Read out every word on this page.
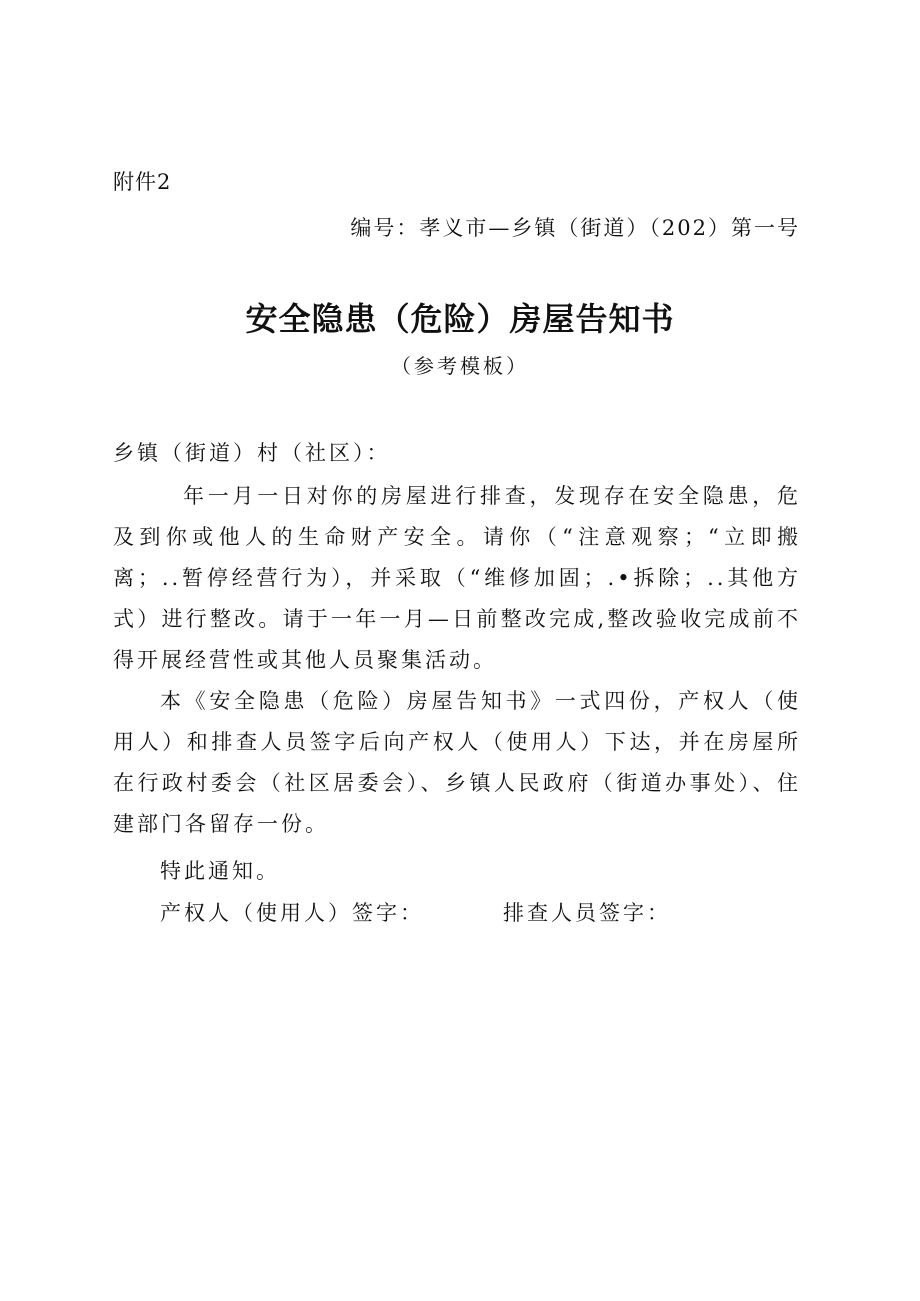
附件2
编号：孝义市—乡镇（街道）（202）第一号
安全隐患（危险）房屋告知书
（参考模板）
乡镇（街道）村（社区）：
年一月一日对你的房屋进行排查，发现存在安全隐患，危及到你或他人的生命财产安全。请你（“注意观察；“立即搬离；..暂停经营行为），并采取（“维修加固；.•拆除；..其他方式）进行整改。请于一年一月—日前整改完成,整改验收完成前不得开展经营性或其他人员聚集活动。
本《安全隐患（危险）房屋告知书》一式四份，产权人（使用人）和排查人员签字后向产权人（使用人）下达，并在房屋所在行政村委会（社区居委会）、乡镇人民政府（街道办事处）、住建部门各留存一份。
特此通知。
产权人（使用人）签字：	排查人员签字：
